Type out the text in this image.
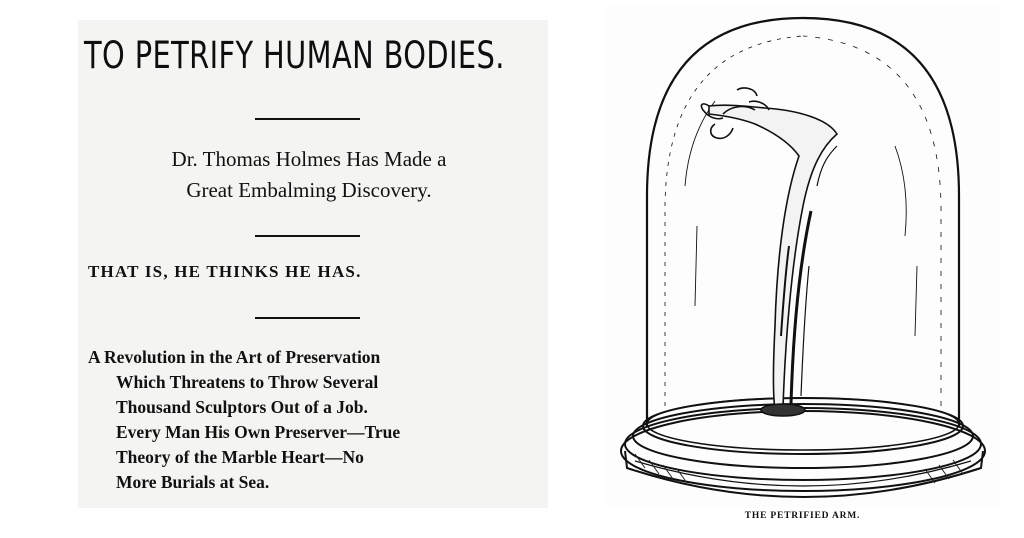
TO PETRIFY HUMAN BODIES.
Dr. Thomas Holmes Has Made a
Great Embalming Discovery.
THAT IS, HE THINKS HE HAS.
A Revolution in the Art of Preservation
Which Threatens to Throw Several
Thousand Sculptors Out of a Job.
Every Man His Own Preserver—True
Theory of the Marble Heart—No
More Burials at Sea.
THE PETRIFIED ARM.
